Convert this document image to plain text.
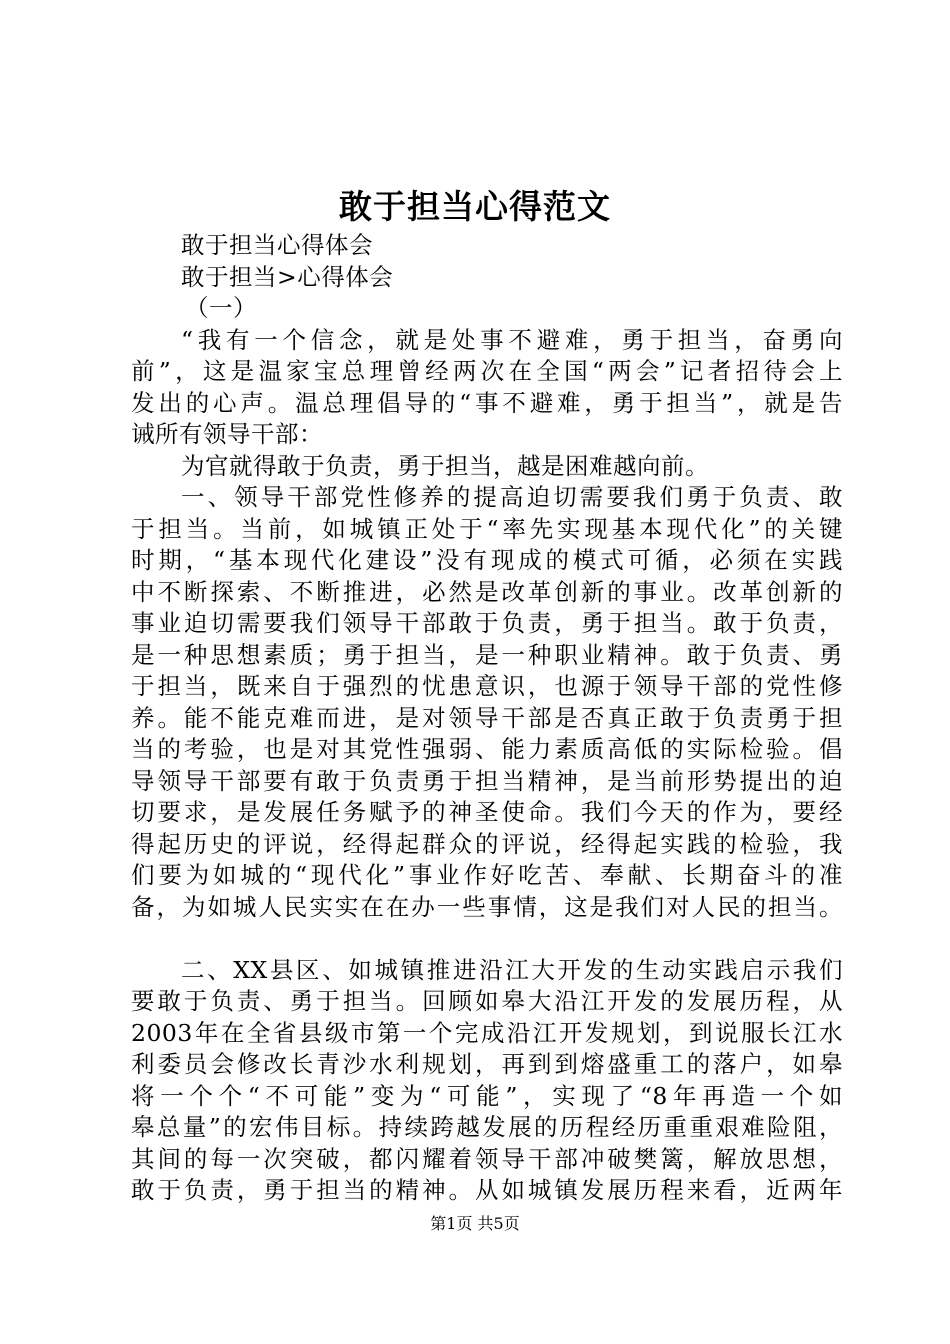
敢于担当心得范文
敢于担当心得体会
敢于担当>心得体会
（一）
“我有一个信念，就是处事不避难，勇于担当，奋勇向
前”，这是温家宝总理曾经两次在全国“两会”记者招待会上
发出的心声。温总理倡导的“事不避难，勇于担当”，就是告
诫所有领导干部：
为官就得敢于负责，勇于担当，越是困难越向前。
一、领导干部党性修养的提高迫切需要我们勇于负责、敢
于担当。当前，如城镇正处于“率先实现基本现代化”的关键
时期，“基本现代化建设”没有现成的模式可循，必须在实践
中不断探索、不断推进，必然是改革创新的事业。改革创新的
事业迫切需要我们领导干部敢于负责，勇于担当。敢于负责，
是一种思想素质；勇于担当，是一种职业精神。敢于负责、勇
于担当，既来自于强烈的忧患意识，也源于领导干部的党性修
养。能不能克难而进，是对领导干部是否真正敢于负责勇于担
当的考验，也是对其党性强弱、能力素质高低的实际检验。倡
导领导干部要有敢于负责勇于担当精神，是当前形势提出的迫
切要求，是发展任务赋予的神圣使命。我们今天的作为，要经
得起历史的评说，经得起群众的评说，经得起实践的检验，我
们要为如城的“现代化”事业作好吃苦、奉献、长期奋斗的准
备，为如城人民实实在在办一些事情，这是我们对人民的担当。
二、XX县区、如城镇推进沿江大开发的生动实践启示我们
要敢于负责、勇于担当。回顾如皋大沿江开发的发展历程，从
2003年在全省县级市第一个完成沿江开发规划，到说服长江水
利委员会修改长青沙水利规划，再到到熔盛重工的落户，如皋
将一个个“不可能”变为“可能”，实现了“8年再造一个如
皋总量”的宏伟目标。持续跨越发展的历程经历重重艰难险阻，
其间的每一次突破，都闪耀着领导干部冲破樊篱，解放思想，
敢于负责，勇于担当的精神。从如城镇发展历程来看，近两年
第1页 共5页
